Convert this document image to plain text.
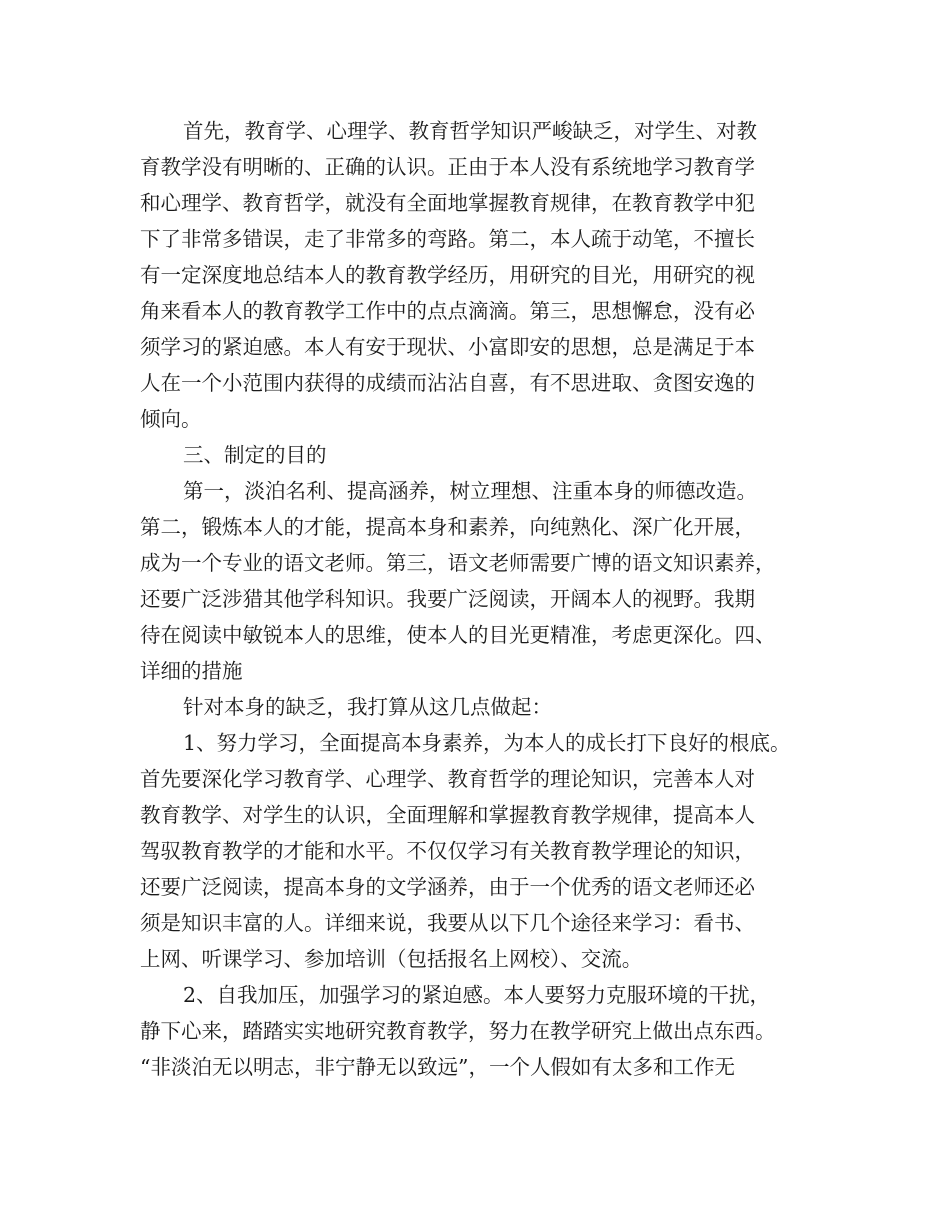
首先，教育学、心理学、教育哲学知识严峻缺乏，对学生、对教
育教学没有明晰的、正确的认识。正由于本人没有系统地学习教育学
和心理学、教育哲学，就没有全面地掌握教育规律，在教育教学中犯
下了非常多错误，走了非常多的弯路。第二，本人疏于动笔，不擅长
有一定深度地总结本人的教育教学经历，用研究的目光，用研究的视
角来看本人的教育教学工作中的点点滴滴。第三，思想懈怠，没有必
须学习的紧迫感。本人有安于现状、小富即安的思想，总是满足于本
人在一个小范围内获得的成绩而沾沾自喜，有不思进取、贪图安逸的
倾向。
三、制定的目的
第一，淡泊名利、提高涵养，树立理想、注重本身的师德改造。
第二，锻炼本人的才能，提高本身和素养，向纯熟化、深广化开展，
成为一个专业的语文老师。第三，语文老师需要广博的语文知识素养，
还要广泛涉猎其他学科知识。我要广泛阅读，开阔本人的视野。我期
待在阅读中敏锐本人的思维，使本人的目光更精准，考虑更深化。四、
详细的措施
针对本身的缺乏，我打算从这几点做起：
1、努力学习，全面提高本身素养，为本人的成长打下良好的根底。
首先要深化学习教育学、心理学、教育哲学的理论知识，完善本人对
教育教学、对学生的认识，全面理解和掌握教育教学规律，提高本人
驾驭教育教学的才能和水平。不仅仅学习有关教育教学理论的知识，
还要广泛阅读，提高本身的文学涵养，由于一个优秀的语文老师还必
须是知识丰富的人。详细来说，我要从以下几个途径来学习：看书、
上网、听课学习、参加培训（包括报名上网校）、交流。
2、自我加压，加强学习的紧迫感。本人要努力克服环境的干扰，
静下心来，踏踏实实地研究教育教学，努力在教学研究上做出点东西。
“非淡泊无以明志，非宁静无以致远”，一个人假如有太多和工作无
